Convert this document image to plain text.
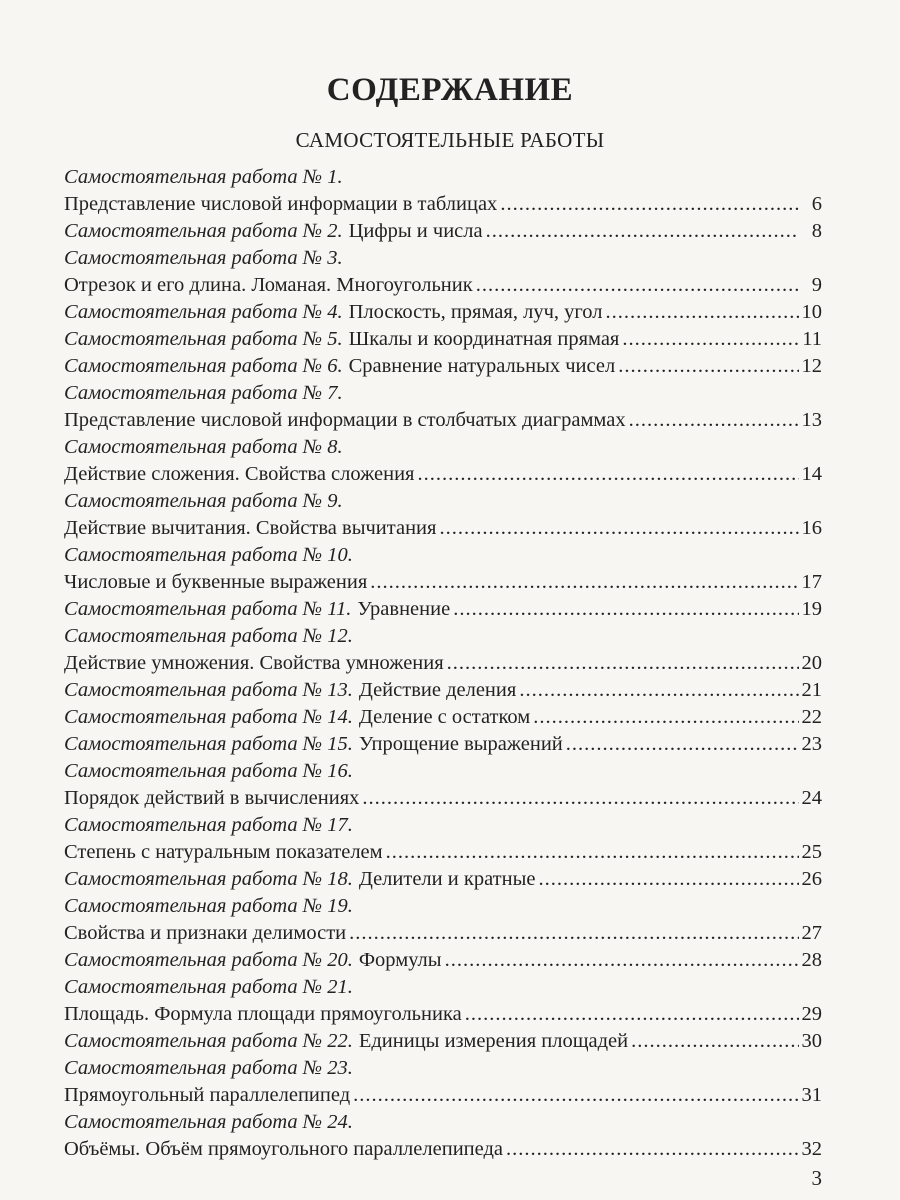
СОДЕРЖАНИЕ
САМОСТОЯТЕЛЬНЫЕ РАБОТЫ
Самостоятельная работа № 1.
Представление числовой информации в таблицах .....	6
Самостоятельная работа № 2. Цифры и числа .....	8
Самостоятельная работа № 3.
Отрезок и его длина. Ломаная. Многоугольник .....	9
Самостоятельная работа № 4. Плоскость, прямая, луч, угол .....	10
Самостоятельная работа № 5. Шкалы и координатная прямая .....	11
Самостоятельная работа № 6. Сравнение натуральных чисел .....	12
Самостоятельная работа № 7.
Представление числовой информации в столбчатых диаграммах .....	13
Самостоятельная работа № 8.
Действие сложения. Свойства сложения .....	14
Самостоятельная работа № 9.
Действие вычитания. Свойства вычитания .....	16
Самостоятельная работа № 10.
Числовые и буквенные выражения .....	17
Самостоятельная работа № 11. Уравнение .....	19
Самостоятельная работа № 12.
Действие умножения. Свойства умножения .....	20
Самостоятельная работа № 13. Действие деления .....	21
Самостоятельная работа № 14. Деление с остатком .....	22
Самостоятельная работа № 15. Упрощение выражений .....	23
Самостоятельная работа № 16.
Порядок действий в вычислениях .....	24
Самостоятельная работа № 17.
Степень с натуральным показателем .....	25
Самостоятельная работа № 18. Делители и кратные .....	26
Самостоятельная работа № 19.
Свойства и признаки делимости .....	27
Самостоятельная работа № 20. Формулы .....	28
Самостоятельная работа № 21.
Площадь. Формула площади прямоугольника .....	29
Самостоятельная работа № 22. Единицы измерения площадей .....	30
Самостоятельная работа № 23.
Прямоугольный параллелепипед .....	31
Самостоятельная работа № 24.
Объёмы. Объём прямоугольного параллелепипеда .....	32
3
